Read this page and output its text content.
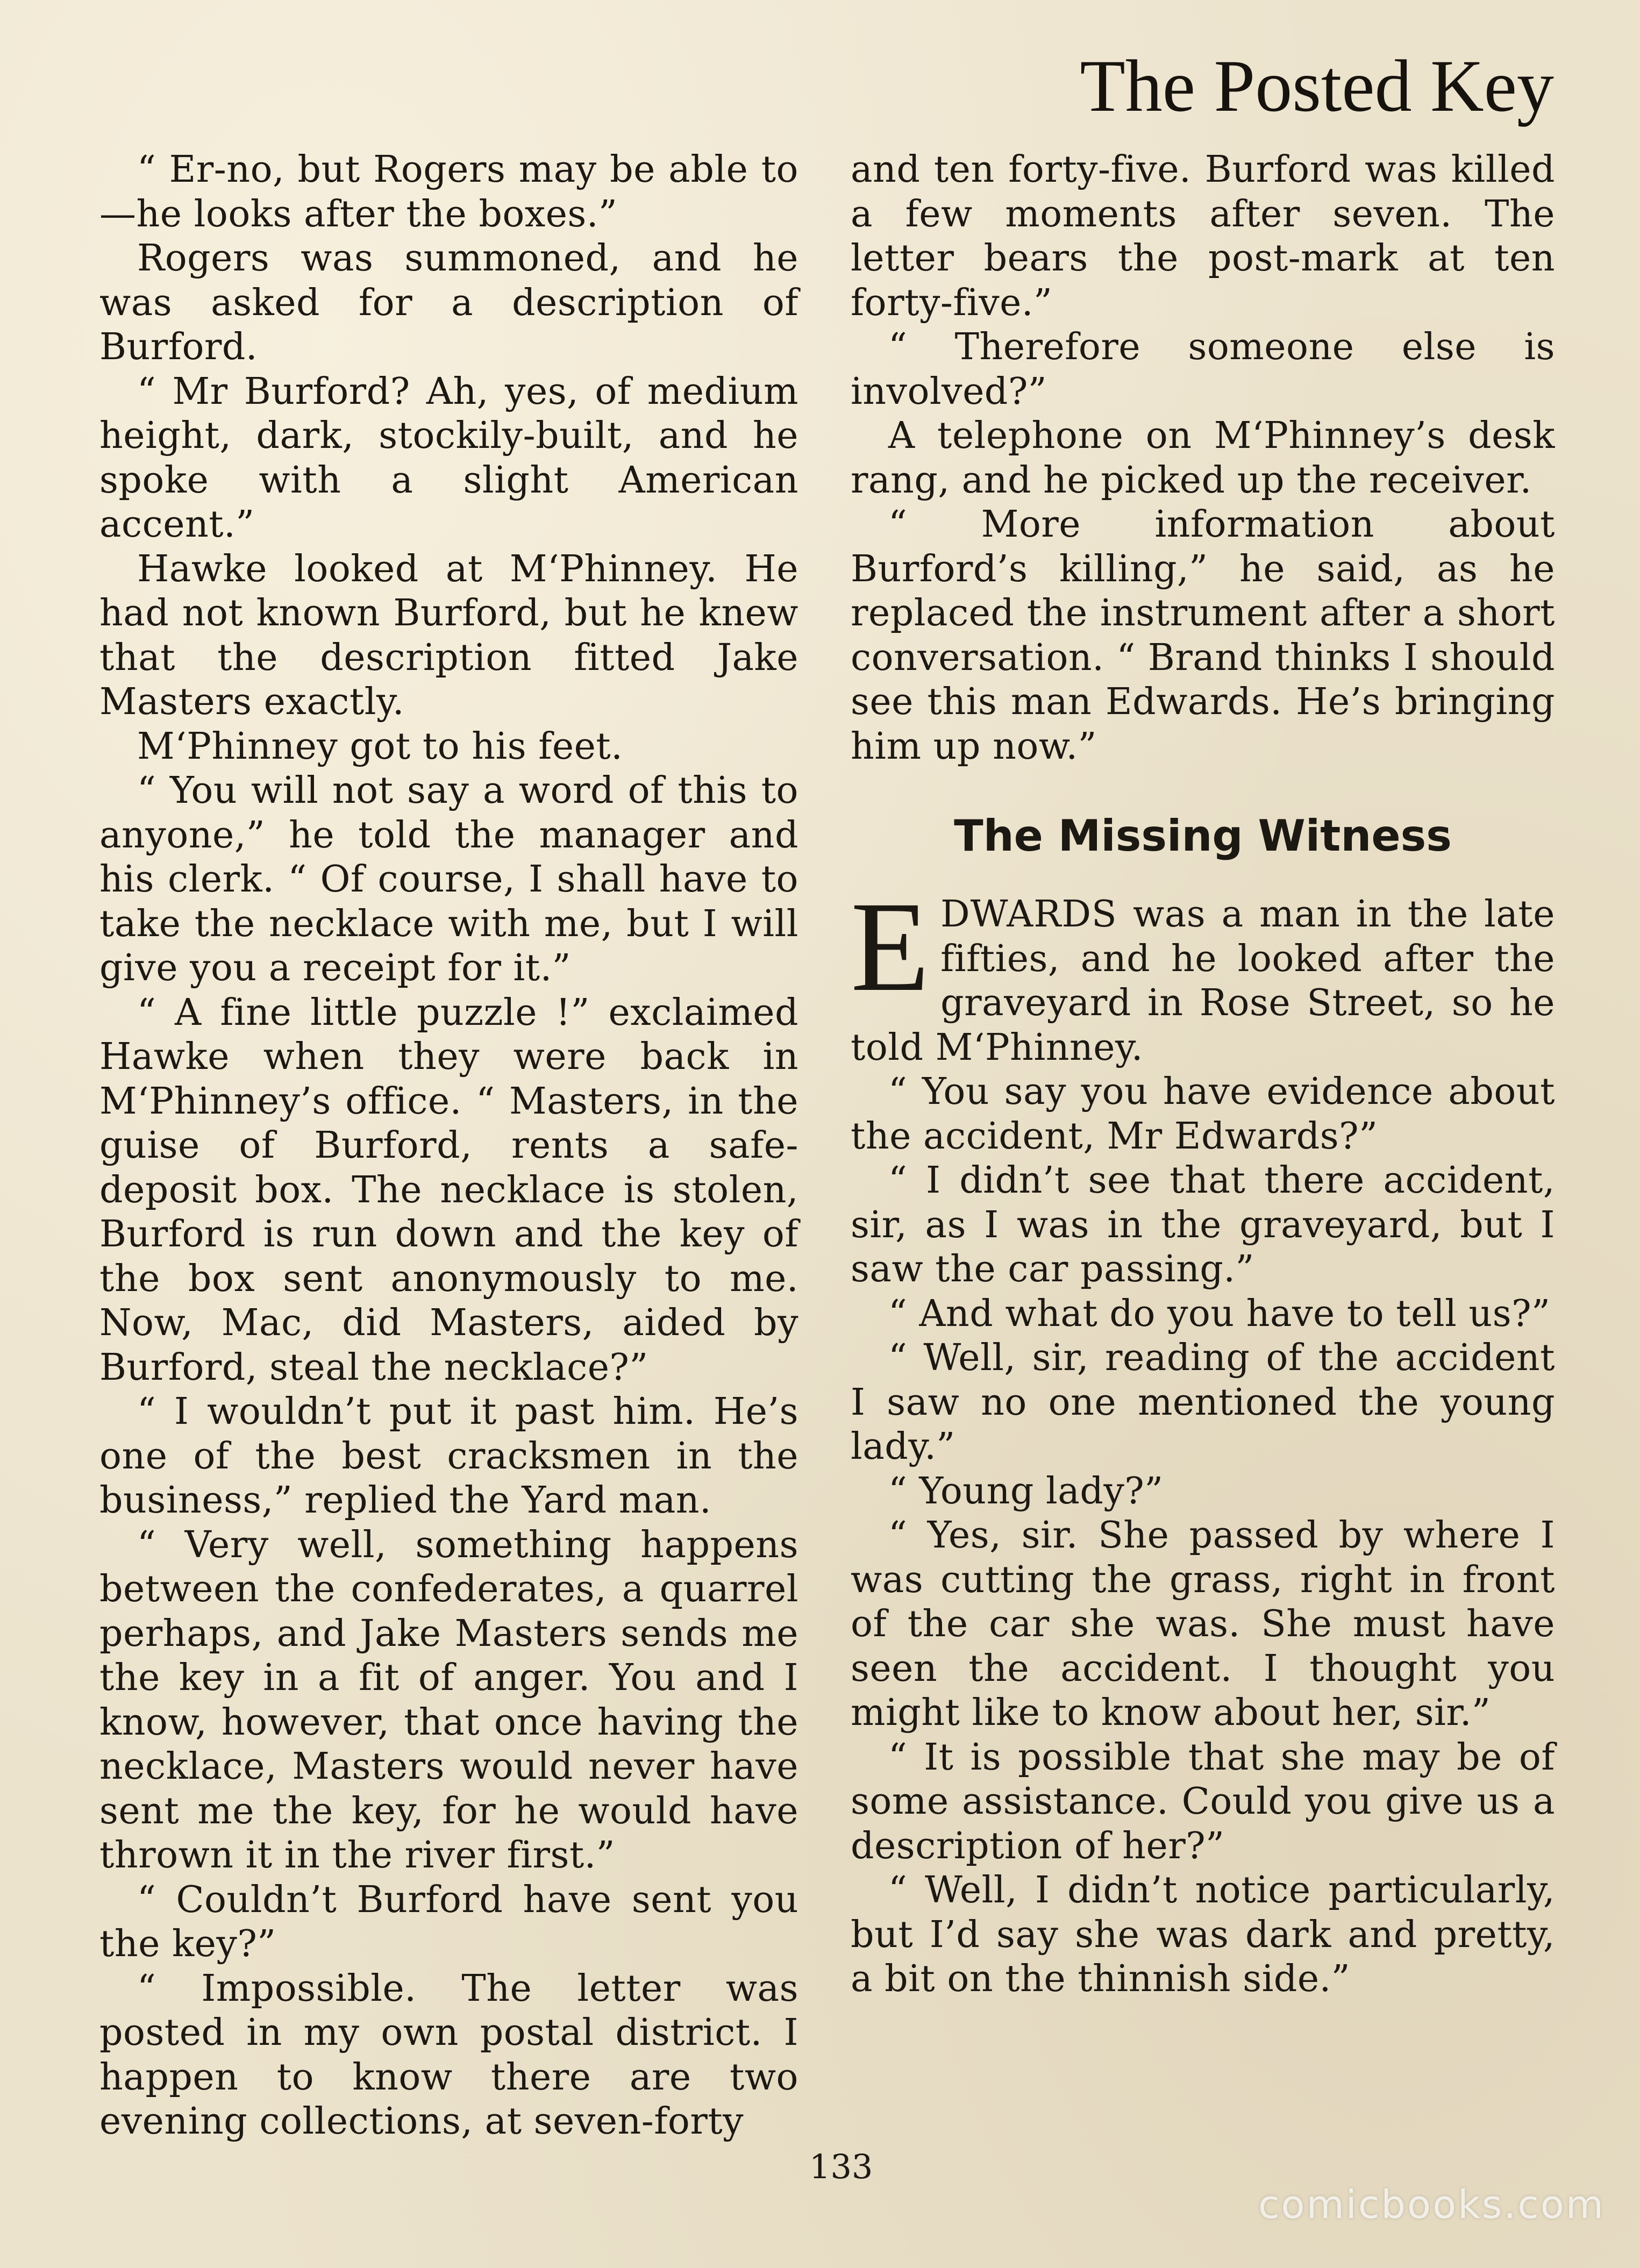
The Posted Key

“ Er-no, but Rogers may be able to—he looks after the boxes.”

Rogers was summoned, and he was asked for a description of Burford.

“ Mr Burford? Ah, yes, of medium height, dark, stockily-built, and he spoke with a slight American accent.”

Hawke looked at M‘Phinney. He had not known Burford, but he knew that the description fitted Jake Masters exactly.

M‘Phinney got to his feet.

“ You will not say a word of this to anyone,” he told the manager and his clerk. “ Of course, I shall have to take the necklace with me, but I will give you a receipt for it.”

“ A fine little puzzle !” exclaimed Hawke when they were back in M‘Phinney’s office. “ Masters, in the guise of Burford, rents a safe-deposit box. The necklace is stolen, Burford is run down and the key of the box sent anonymously to me. Now, Mac, did Masters, aided by Burford, steal the necklace?”

“ I wouldn’t put it past him. He’s one of the best cracksmen in the business,” replied the Yard man.

“ Very well, something happens between the confederates, a quarrel perhaps, and Jake Masters sends me the key in a fit of anger. You and I know, however, that once having the necklace, Masters would never have sent me the key, for he would have thrown it in the river first.”

“ Couldn’t Burford have sent you the key?”

“ Impossible. The letter was posted in my own postal district. I happen to know there are two evening collections, at seven-forty

and ten forty-five. Burford was killed a few moments after seven. The letter bears the post-mark at ten forty-five.”

“ Therefore someone else is involved?”

A telephone on M‘Phinney’s desk rang, and he picked up the receiver.

“ More information about Burford’s killing,” he said, as he replaced the instrument after a short conversation. “ Brand thinks I should see this man Edwards. He’s bringing him up now.”

The Missing Witness

EDWARDS was a man in the late fifties, and he looked after the graveyard in Rose Street, so he told M‘Phinney.

“ You say you have evidence about the accident, Mr Edwards?”

“ I didn’t see that there accident, sir, as I was in the graveyard, but I saw the car passing.”

“ And what do you have to tell us?”

“ Well, sir, reading of the accident I saw no one mentioned the young lady.”

“ Young lady?”

“ Yes, sir. She passed by where I was cutting the grass, right in front of the car she was. She must have seen the accident. I thought you might like to know about her, sir.”

“ It is possible that she may be of some assistance. Could you give us a description of her?”

“ Well, I didn’t notice particularly, but I’d say she was dark and pretty, a bit on the thinnish side.”

133
comicbooks.com
